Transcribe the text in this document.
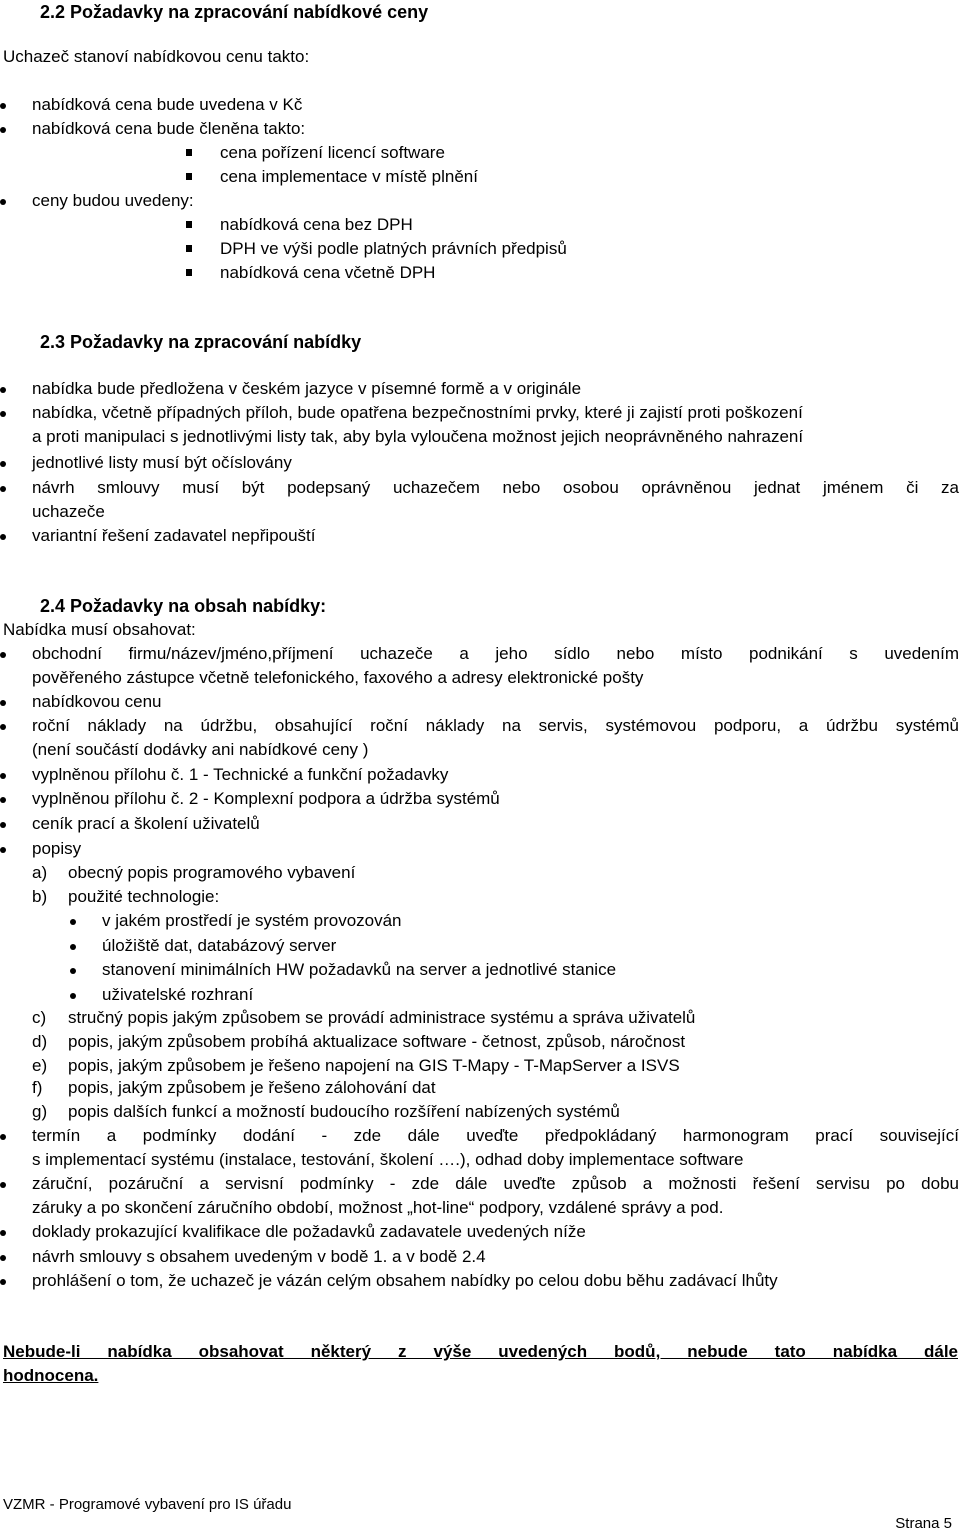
2.2 Požadavky na zpracování nabídkové ceny
Uchazeč stanoví nabídkovou cenu takto:
nabídková cena bude uvedena v Kč
nabídková cena bude členěna takto:
cena pořízení licencí software
cena implementace v místě plnění
ceny budou uvedeny:
nabídková cena bez DPH
DPH ve výši podle platných právních předpisů
nabídková cena včetně DPH
2.3 Požadavky na zpracování nabídky
nabídka bude předložena v českém jazyce v písemné formě a v originále
nabídka, včetně případných příloh, bude opatřena bezpečnostními prvky, které ji zajistí proti poškození
a proti manipulaci s jednotlivými listy tak, aby byla vyloučena možnost jejich neoprávněného nahrazení
jednotlivé listy musí být očíslovány
návrh smlouvy musí být podepsaný uchazečem nebo osobou oprávněnou jednat jménem či za
uchazeče
variantní řešení zadavatel nepřipouští
2.4 Požadavky na obsah nabídky:
Nabídka musí obsahovat:
obchodní firmu/název/jméno,příjmení uchazeče a jeho sídlo nebo místo podnikání s uvedením
pověřeného zástupce včetně telefonického, faxového a adresy elektronické pošty
nabídkovou cenu
roční náklady na údržbu, obsahující roční náklady na servis, systémovou podporu, a údržbu systémů
(není součástí dodávky ani nabídkové ceny )
vyplněnou přílohu č. 1 - Technické a funkční požadavky
vyplněnou přílohu č. 2 - Komplexní podpora a údržba systémů
ceník prací a školení uživatelů
popisy
a) obecný popis programového vybavení
b) použité technologie:
v jakém prostředí je systém provozován
úložiště dat, databázový server
stanovení minimálních HW požadavků na server a jednotlivé stanice
uživatelské rozhraní
c) stručný popis jakým způsobem se provádí administrace systému a správa uživatelů
d) popis, jakým způsobem probíhá aktualizace software - četnost, způsob, náročnost
e) popis, jakým způsobem je řešeno napojení na GIS T-Mapy - T-MapServer a ISVS
f) popis, jakým způsobem je řešeno zálohování dat
g) popis dalších funkcí a možností budoucího rozšíření nabízených systémů
termín a podmínky dodání - zde dále uveďte předpokládaný harmonogram prací související
s implementací systému (instalace, testování, školení ….), odhad doby implementace software
záruční, pozáruční a servisní podmínky - zde dále uveďte způsob a možnosti řešení servisu po dobu
záruky a po skončení záručního období, možnost „hot-line“ podpory, vzdálené správy a pod.
doklady prokazující kvalifikace dle požadavků zadavatele uvedených níže
návrh smlouvy s obsahem uvedeným v bodě 1. a v bodě 2.4
prohlášení o tom, že uchazeč je vázán celým obsahem nabídky po celou dobu běhu zadávací lhůty
Nebude-li nabídka obsahovat některý z výše uvedených bodů, nebude tato nabídka dále
hodnocena.
VZMR - Programové vybavení pro IS úřadu
Strana 5
